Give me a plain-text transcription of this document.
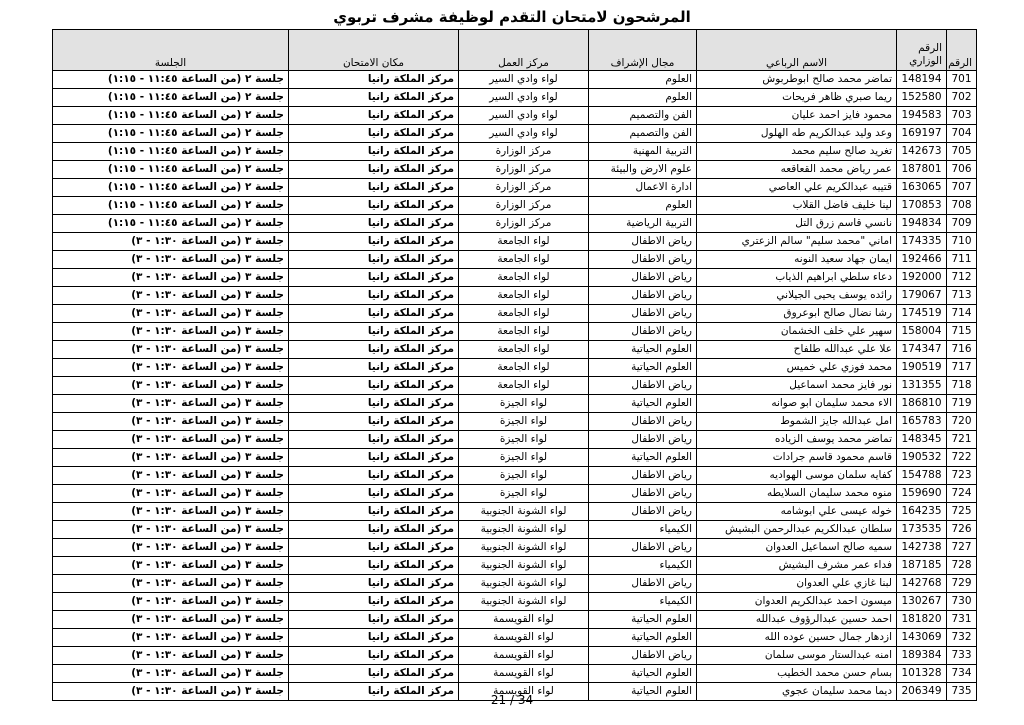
المرشحون لامتحان التقدم لوظيفة مشرف تربوي
الرقم	الرقم الوزاري	الاسم الرباعي	مجال الإشراف	مركز العمل	مكان الامتحان	الجلسة
701	148194	تماضر محمد صالح ابوطربوش	العلوم	لواء وادي السير	مركز الملكة رانيا	جلسة ٢ (من الساعة ١١:٤٥ - ١:١٥)
702	152580	ريما صبري ظاهر فريحات	العلوم	لواء وادي السير	مركز الملكة رانيا	جلسة ٢ (من الساعة ١١:٤٥ - ١:١٥)
703	194583	محمود فايز احمد عليان	الفن والتصميم	لواء وادي السير	مركز الملكة رانيا	جلسة ٢ (من الساعة ١١:٤٥ - ١:١٥)
704	169197	وعد وليد عبدالكريم طه الهلول	الفن والتصميم	لواء وادي السير	مركز الملكة رانيا	جلسة ٢ (من الساعة ١١:٤٥ - ١:١٥)
705	142673	تغريد صالح سليم محمد	التربية المهنية	مركز الوزارة	مركز الملكة رانيا	جلسة ٢ (من الساعة ١١:٤٥ - ١:١٥)
706	187801	عمر رياض محمد القعاقعه	علوم الارض والبيئة	مركز الوزارة	مركز الملكة رانيا	جلسة ٢ (من الساعة ١١:٤٥ - ١:١٥)
707	163065	قتيبه عبدالكريم علي العاصي	ادارة الاعمال	مركز الوزارة	مركز الملكة رانيا	جلسة ٢ (من الساعة ١١:٤٥ - ١:١٥)
708	170853	لينا خليف فاضل القلاب	العلوم	مركز الوزارة	مركز الملكة رانيا	جلسة ٢ (من الساعة ١١:٤٥ - ١:١٥)
709	194834	نانسي قاسم زرق التل	التربية الرياضية	مركز الوزارة	مركز الملكة رانيا	جلسة ٢ (من الساعة ١١:٤٥ - ١:١٥)
710	174335	اماني "محمد سليم" سالم الزعتري	رياض الاطفال	لواء الجامعة	مركز الملكة رانيا	جلسة ٣ (من الساعة ١:٣٠ - ٣)
711	192466	ايمان جهاد سعيد النونه	رياض الاطفال	لواء الجامعة	مركز الملكة رانيا	جلسة ٣ (من الساعة ١:٣٠ - ٣)
712	192000	دعاء سلطي ابراهيم الذياب	رياض الاطفال	لواء الجامعة	مركز الملكة رانيا	جلسة ٣ (من الساعة ١:٣٠ - ٣)
713	179067	رائده يوسف يحيى الجيلاني	رياض الاطفال	لواء الجامعة	مركز الملكة رانيا	جلسة ٣ (من الساعة ١:٣٠ - ٣)
714	174519	رشا نضال صالح ابوعروق	رياض الاطفال	لواء الجامعة	مركز الملكة رانيا	جلسة ٣ (من الساعة ١:٣٠ - ٣)
715	158004	سهير علي خلف الخشمان	رياض الاطفال	لواء الجامعة	مركز الملكة رانيا	جلسة ٣ (من الساعة ١:٣٠ - ٣)
716	174347	علا علي عبدالله طلفاح	العلوم الحياتية	لواء الجامعة	مركز الملكة رانيا	جلسة ٣ (من الساعة ١:٣٠ - ٣)
717	190519	محمد فوزي علي خميس	العلوم الحياتية	لواء الجامعة	مركز الملكة رانيا	جلسة ٣ (من الساعة ١:٣٠ - ٣)
718	131355	نور فايز محمد اسماعيل	رياض الاطفال	لواء الجامعة	مركز الملكة رانيا	جلسة ٣ (من الساعة ١:٣٠ - ٣)
719	186810	الاء محمد سليمان ابو صوانه	العلوم الحياتية	لواء الجيزة	مركز الملكة رانيا	جلسة ٣ (من الساعة ١:٣٠ - ٣)
720	165783	امل عبدالله جايز الشموط	رياض الاطفال	لواء الجيزة	مركز الملكة رانيا	جلسة ٣ (من الساعة ١:٣٠ - ٣)
721	148345	تماضر محمد يوسف الزياده	رياض الاطفال	لواء الجيزة	مركز الملكة رانيا	جلسة ٣ (من الساعة ١:٣٠ - ٣)
722	190532	قاسم محمود قاسم جرادات	العلوم الحياتية	لواء الجيزة	مركز الملكة رانيا	جلسة ٣ (من الساعة ١:٣٠ - ٣)
723	154788	كفايه سلمان موسى الهواديه	رياض الاطفال	لواء الجيزة	مركز الملكة رانيا	جلسة ٣ (من الساعة ١:٣٠ - ٣)
724	159690	منوه محمد سليمان السلايطه	رياض الاطفال	لواء الجيزة	مركز الملكة رانيا	جلسة ٣ (من الساعة ١:٣٠ - ٣)
725	164235	خوله عيسى علي ابوشامه	رياض الاطفال	لواء الشونة الجنوبية	مركز الملكة رانيا	جلسة ٣ (من الساعة ١:٣٠ - ٣)
726	173535	سلطان عبدالكريم عبدالرحمن البشيش	الكيمياء	لواء الشونة الجنوبية	مركز الملكة رانيا	جلسة ٣ (من الساعة ١:٣٠ - ٣)
727	142738	سميه صالح اسماعيل العدوان	رياض الاطفال	لواء الشونة الجنوبية	مركز الملكة رانيا	جلسة ٣ (من الساعة ١:٣٠ - ٣)
728	187185	فداء عمر مشرف البشيش	الكيمياء	لواء الشونة الجنوبية	مركز الملكة رانيا	جلسة ٣ (من الساعة ١:٣٠ - ٣)
729	142768	لبنا غازي علي العدوان	رياض الاطفال	لواء الشونة الجنوبية	مركز الملكة رانيا	جلسة ٣ (من الساعة ١:٣٠ - ٣)
730	130267	ميسون احمد عبدالكريم العدوان	الكيمياء	لواء الشونة الجنوبية	مركز الملكة رانيا	جلسة ٣ (من الساعة ١:٣٠ - ٣)
731	181820	احمد حسين عبدالرؤوف عبدالله	العلوم الحياتية	لواء القويسمة	مركز الملكة رانيا	جلسة ٣ (من الساعة ١:٣٠ - ٣)
732	143069	ازدهار جمال حسين عوده الله	العلوم الحياتية	لواء القويسمة	مركز الملكة رانيا	جلسة ٣ (من الساعة ١:٣٠ - ٣)
733	189384	امنه عبدالستار موسى سلمان	رياض الاطفال	لواء القويسمة	مركز الملكة رانيا	جلسة ٣ (من الساعة ١:٣٠ - ٣)
734	101328	بسام حسن محمد الخطيب	العلوم الحياتية	لواء القويسمة	مركز الملكة رانيا	جلسة ٣ (من الساعة ١:٣٠ - ٣)
735	206349	ديما محمد سليمان عجوي	العلوم الحياتية	لواء القويسمة	مركز الملكة رانيا	جلسة ٣ (من الساعة ١:٣٠ - ٣)
21 / 34
